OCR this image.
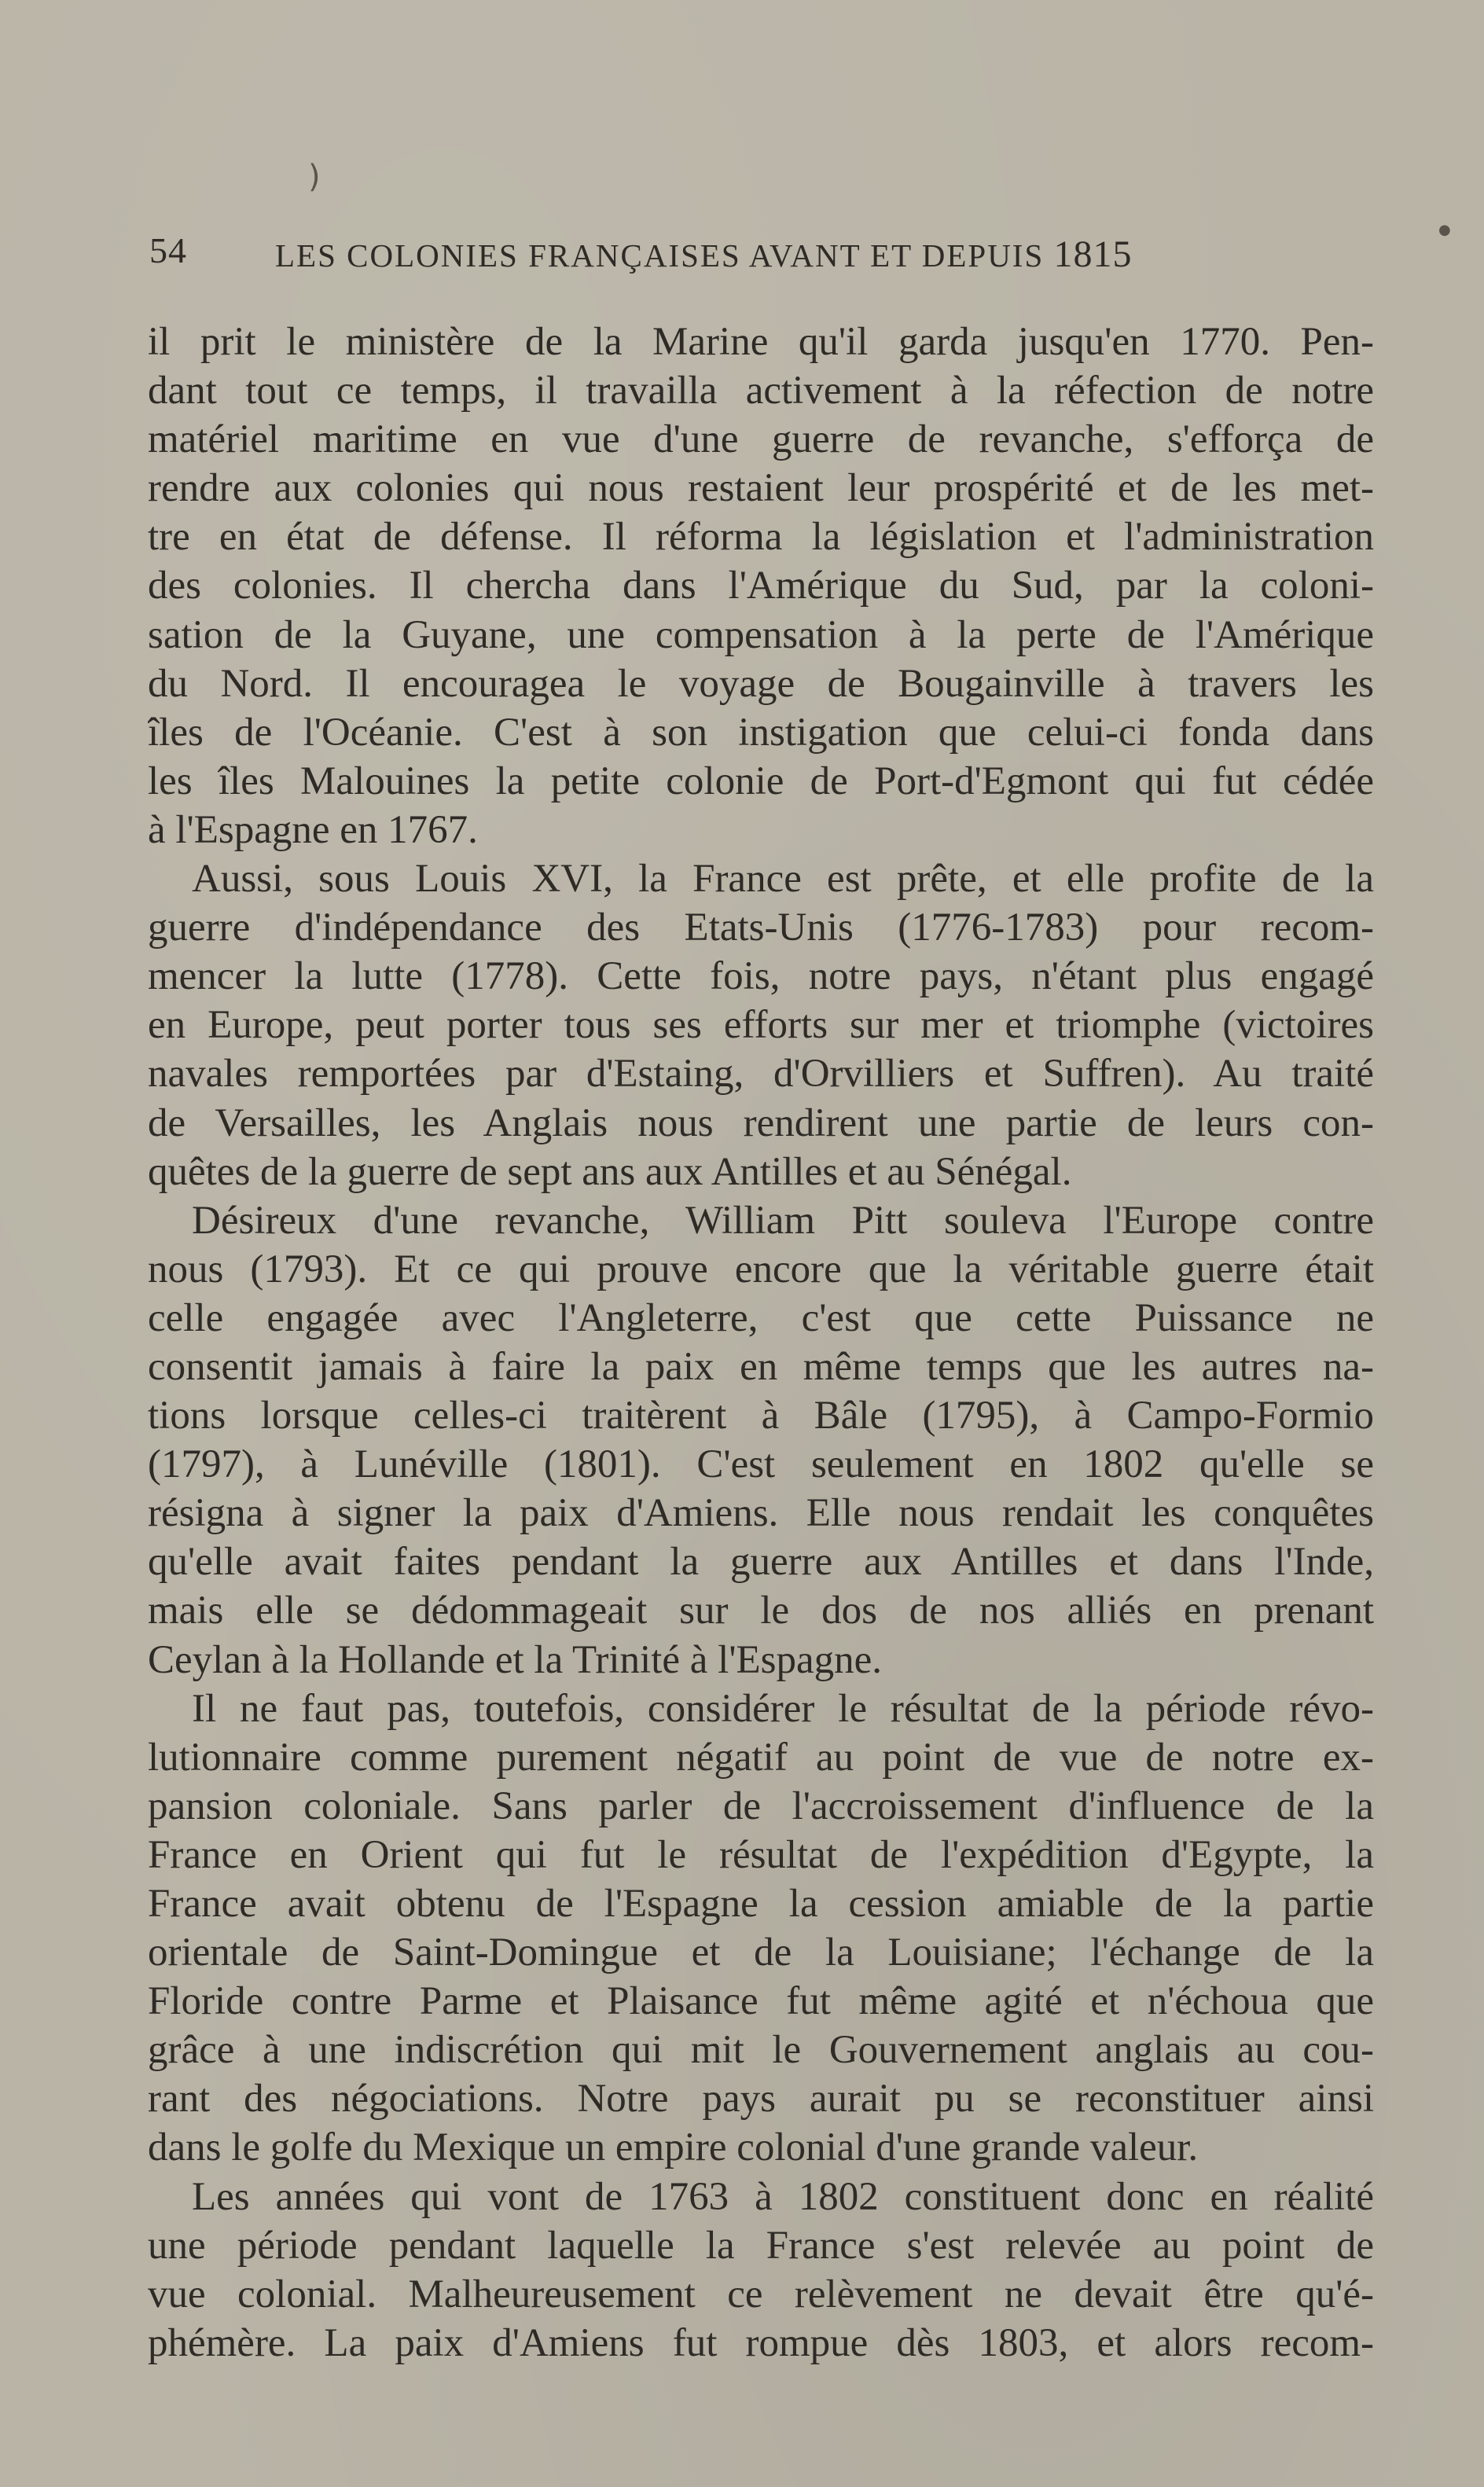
)
●
54	LES COLONIES FRANÇAISES AVANT ET DEPUIS 1815
il prit le ministère de la Marine qu'il garda jusqu'en 1770. Pen-
dant tout ce temps, il travailla activement à la réfection de notre
matériel maritime en vue d'une guerre de revanche, s'efforça de
rendre aux colonies qui nous restaient leur prospérité et de les met-
tre en état de défense. Il réforma la législation et l'administration
des colonies. Il chercha dans l'Amérique du Sud, par la coloni-
sation de la Guyane, une compensation à la perte de l'Amérique
du Nord. Il encouragea le voyage de Bougainville à travers les
îles de l'Océanie. C'est à son instigation que celui-ci fonda dans
les îles Malouines la petite colonie de Port-d'Egmont qui fut cédée
à l'Espagne en 1767.
Aussi, sous Louis XVI, la France est prête, et elle profite de la
guerre d'indépendance des Etats-Unis (1776-1783) pour recom-
mencer la lutte (1778). Cette fois, notre pays, n'étant plus engagé
en Europe, peut porter tous ses efforts sur mer et triomphe (victoires
navales remportées par d'Estaing, d'Orvilliers et Suffren). Au traité
de Versailles, les Anglais nous rendirent une partie de leurs con-
quêtes de la guerre de sept ans aux Antilles et au Sénégal.
Désireux d'une revanche, William Pitt souleva l'Europe contre
nous (1793). Et ce qui prouve encore que la véritable guerre était
celle engagée avec l'Angleterre, c'est que cette Puissance ne
consentit jamais à faire la paix en même temps que les autres na-
tions lorsque celles-ci traitèrent à Bâle (1795), à Campo-Formio
(1797), à Lunéville (1801). C'est seulement en 1802 qu'elle se
résigna à signer la paix d'Amiens. Elle nous rendait les conquêtes
qu'elle avait faites pendant la guerre aux Antilles et dans l'Inde,
mais elle se dédommageait sur le dos de nos alliés en prenant
Ceylan à la Hollande et la Trinité à l'Espagne.
Il ne faut pas, toutefois, considérer le résultat de la période révo-
lutionnaire comme purement négatif au point de vue de notre ex-
pansion coloniale. Sans parler de l'accroissement d'influence de la
France en Orient qui fut le résultat de l'expédition d'Egypte, la
France avait obtenu de l'Espagne la cession amiable de la partie
orientale de Saint-Domingue et de la Louisiane; l'échange de la
Floride contre Parme et Plaisance fut même agité et n'échoua que
grâce à une indiscrétion qui mit le Gouvernement anglais au cou-
rant des négociations. Notre pays aurait pu se reconstituer ainsi
dans le golfe du Mexique un empire colonial d'une grande valeur.
Les années qui vont de 1763 à 1802 constituent donc en réalité
une période pendant laquelle la France s'est relevée au point de
vue colonial. Malheureusement ce relèvement ne devait être qu'é-
phémère. La paix d'Amiens fut rompue dès 1803, et alors recom-
